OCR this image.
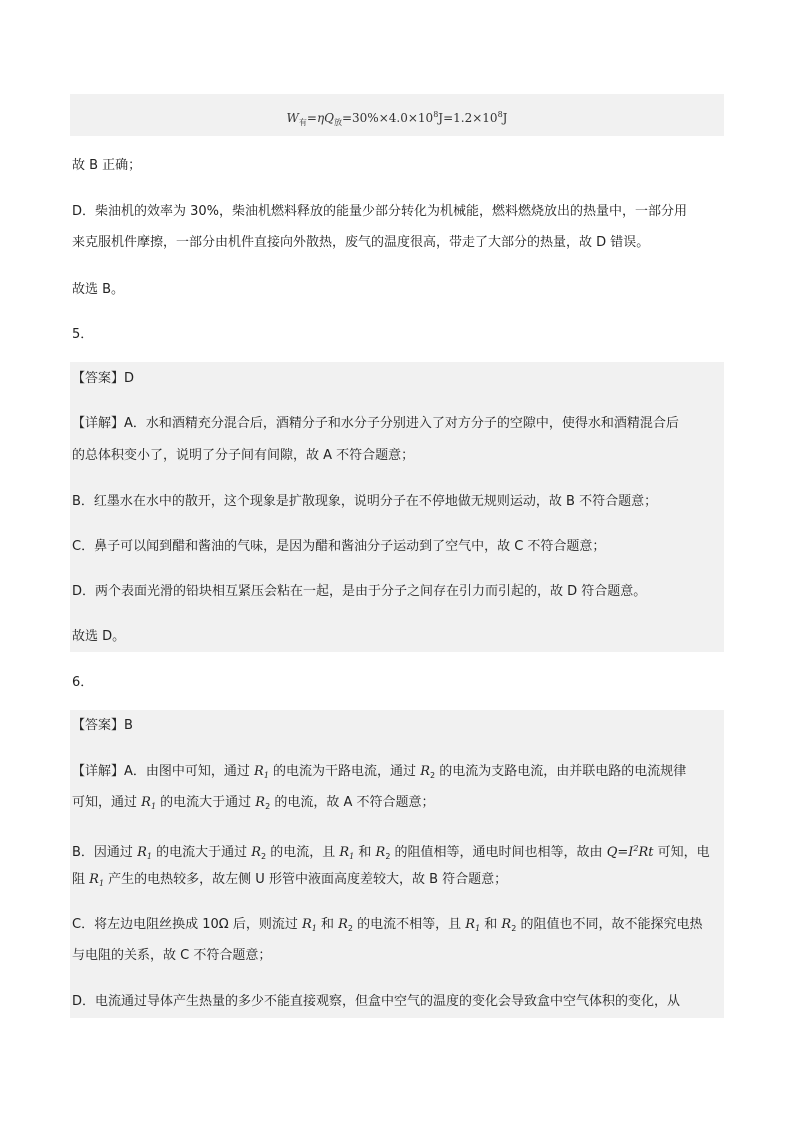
$W_有=\eta Q_放=30\%\times 4.0\times 10^8J=1.2\times 10^8J$
故 B 正确；
D．柴油机的效率为 30%，柴油机燃料释放的能量少部分转化为机械能，燃料燃烧放出的热量中，一部分用
来克服机件摩擦，一部分由机件直接向外散热，废气的温度很高，带走了大部分的热量，故 D 错误。
故选 B。
5．
【答案】D
【详解】A．水和酒精充分混合后，酒精分子和水分子分别进入了对方分子的空隙中，使得水和酒精混合后
的总体积变小了，说明了分子间有间隙，故 A 不符合题意；
B．红墨水在水中的散开，这个现象是扩散现象，说明分子在不停地做无规则运动，故 B 不符合题意；
C．鼻子可以闻到醋和酱油的气味，是因为醋和酱油分子运动到了空气中，故 C 不符合题意；
D．两个表面光滑的铅块相互紧压会粘在一起，是由于分子之间存在引力而引起的，故 D 符合题意。
故选 D。
6．
【答案】B
【详解】A．由图中可知，通过 $R_1$ 的电流为干路电流，通过 $R_2$ 的电流为支路电流，由并联电路的电流规律
可知，通过 $R_1$ 的电流大于通过 $R_2$ 的电流，故 A 不符合题意；
B．因通过 $R_1$ 的电流大于通过 $R_2$ 的电流，且 $R_1$ 和 $R_2$ 的阻值相等，通电时间也相等，故由 $Q=I^2Rt$ 可知，电
阻 $R_1$ 产生的电热较多，故左侧 U 形管中液面高度差较大，故 B 符合题意；
C．将左边电阻丝换成 10Ω 后，则流过 $R_1$ 和 $R_2$ 的电流不相等，且 $R_1$ 和 $R_2$ 的阻值也不同，故不能探究电热
与电阻的关系，故 C 不符合题意；
D．电流通过导体产生热量的多少不能直接观察，但盒中空气的温度的变化会导致盒中空气体积的变化，从
